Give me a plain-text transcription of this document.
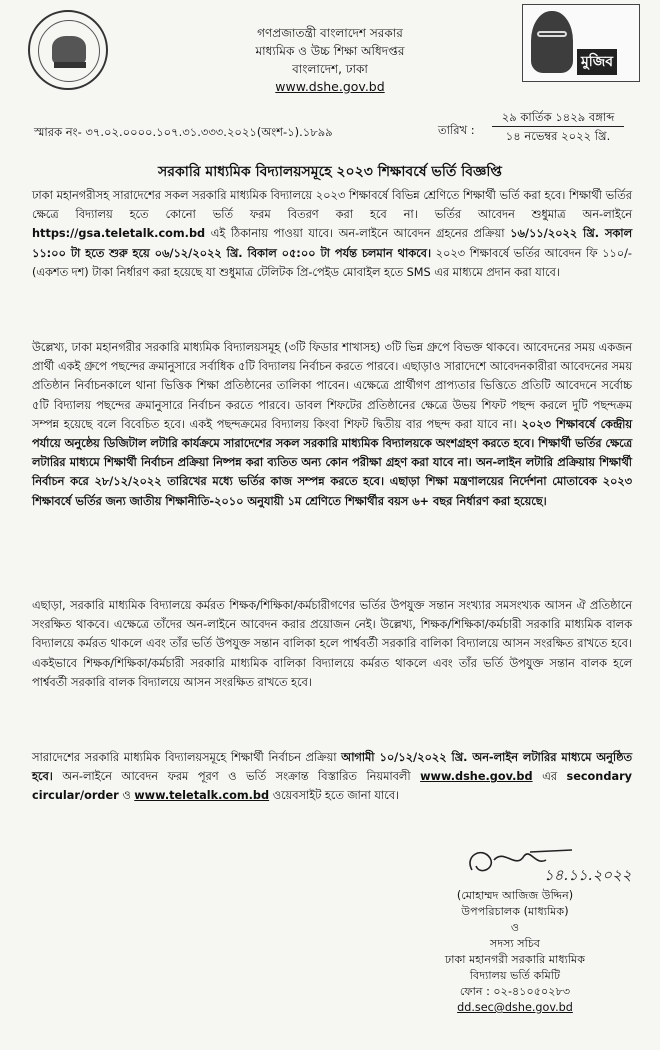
গণপ্রজাতন্ত্রী বাংলাদেশ সরকার
মাধ্যমিক ও উচ্চ শিক্ষা অধিদপ্তর
বাংলাদেশ, ঢাকা
www.dshe.gov.bd
মুজিব
স্মারক নং- ৩৭.০২.০০০০.১০৭.৩১.৩৩৩.২০২১(অংশ-১).১৮৯৯	তারিখ :
২৯ কার্তিক ১৪২৯ বঙ্গাব্দ
১৪ নভেম্বর ২০২২ খ্রি.
সরকারি মাধ্যমিক বিদ্যালয়সমূহে ২০২৩ শিক্ষাবর্ষে ভর্তি বিজ্ঞপ্তি
ঢাকা মহানগরীসহ সারাদেশের সকল সরকারি মাধ্যমিক বিদ্যালয়ে ২০২৩ শিক্ষাবর্ষে বিভিন্ন শ্রেণিতে শিক্ষার্থী ভর্তি করা হবে। শিক্ষার্থী ভর্তির ক্ষেত্রে বিদ্যালয় হতে কোনো ভর্তি ফরম বিতরণ করা হবে না। ভর্তির আবেদন শুধুমাত্র অন-লাইনে https://gsa.teletalk.com.bd এই ঠিকানায় পাওয়া যাবে। অন-লাইনে আবেদন গ্রহনের প্রক্রিয়া ১৬/১১/২০২২ খ্রি. সকাল ১১:০০ টা হতে শুরু হয়ে ০৬/১২/২০২২ খ্রি. বিকাল ০৫:০০ টা পর্যন্ত চলমান থাকবে। ২০২৩ শিক্ষাবর্ষে ভর্তির আবেদন ফি ১১০/- (একশত দশ) টাকা নির্ধারণ করা হয়েছে যা শুধুমাত্র টেলিটক প্রি-পেইড মোবাইল হতে SMS এর মাধ্যমে প্রদান করা যাবে।
উল্লেখ্য, ঢাকা মহানগরীর সরকারি মাধ্যমিক বিদ্যালয়সমূহ (৩টি ফিডার শাখাসহ) ৩টি ভিন্ন গ্রুপে বিভক্ত থাকবে। আবেদনের সময় একজন প্রার্থী একই গ্রুপে পছন্দের ক্রমানুসারে সর্বাধিক ৫টি বিদ্যালয় নির্বাচন করতে পারবে। এছাড়াও সারাদেশে আবেদনকারীরা আবেদনের সময় প্রতিষ্ঠান নির্বাচনকালে থানা ভিত্তিক শিক্ষা প্রতিষ্ঠানের তালিকা পাবেন। এক্ষেত্রে প্রার্থীগণ প্রাপ্যতার ভিত্তিতে প্রতিটি আবেদনে সর্বোচ্চ ৫টি বিদ্যালয় পছন্দের ক্রমানুসারে নির্বাচন করতে পারবে। ডাবল শিফটের প্রতিষ্ঠানের ক্ষেত্রে উভয় শিফট পছন্দ করলে দুটি পছন্দক্রম সম্পন্ন হয়েছে বলে বিবেচিত হবে। একই পছন্দক্রমের বিদ্যালয় কিংবা শিফট দ্বিতীয় বার পছন্দ করা যাবে না। ২০২৩ শিক্ষাবর্ষে কেন্দ্রীয় পর্যায়ে অনুষ্ঠেয় ডিজিটাল লটারি কার্যক্রমে সারাদেশের সকল সরকারি মাধ্যমিক বিদ্যালয়কে অংশগ্রহণ করতে হবে। শিক্ষার্থী ভর্তির ক্ষেত্রে লটারির মাধ্যমে শিক্ষার্থী নির্বাচন প্রক্রিয়া নিষ্পন্ন করা ব্যতিত অন্য কোন পরীক্ষা গ্রহণ করা যাবে না। অন-লাইন লটারি প্রক্রিয়ায় শিক্ষার্থী নির্বাচন করে ২৮/১২/২০২২ তারিখের মধ্যে ভর্তির কাজ সম্পন্ন করতে হবে। এছাড়া শিক্ষা মন্ত্রণালয়ের নির্দেশনা মোতাবেক ২০২৩ শিক্ষাবর্ষে ভর্তির জন্য জাতীয় শিক্ষানীতি-২০১০ অনুযায়ী ১ম শ্রেণিতে শিক্ষার্থীর বয়স ৬+ বছর নির্ধারণ করা হয়েছে।
এছাড়া, সরকারি মাধ্যমিক বিদ্যালয়ে কর্মরত শিক্ষক/শিক্ষিকা/কর্মচারীগণের ভর্তির উপযুক্ত সন্তান সংখ্যার সমসংখ্যক আসন ঐ প্রতিষ্ঠানে সংরক্ষিত থাকবে। এক্ষেত্রে তাঁদের অন-লাইনে আবেদন করার প্রয়োজন নেই। উল্লেখ্য, শিক্ষক/শিক্ষিকা/কর্মচারী সরকারি মাধ্যমিক বালক বিদ্যালয়ে কর্মরত থাকলে এবং তাঁর ভর্তি উপযুক্ত সন্তান বালিকা হলে পার্শ্ববর্তী সরকারি বালিকা বিদ্যালয়ে আসন সংরক্ষিত রাখতে হবে। একইভাবে শিক্ষক/শিক্ষিকা/কর্মচারী সরকারি মাধ্যমিক বালিকা বিদ্যালয়ে কর্মরত থাকলে এবং তাঁর ভর্তি উপযুক্ত সন্তান বালক হলে পার্শ্ববর্তী সরকারি বালক বিদ্যালয়ে আসন সংরক্ষিত রাখতে হবে।
সারাদেশের সরকারি মাধ্যমিক বিদ্যালয়সমূহে শিক্ষার্থী নির্বাচন প্রক্রিয়া আগামী ১০/১২/২০২২ খ্রি. অন-লাইন লটারির মাধ্যমে অনুষ্ঠিত হবে। অন-লাইনে আবেদন ফরম পূরণ ও ভর্তি সংক্রান্ত বিস্তারিত নিয়মাবলী www.dshe.gov.bd এর secondary circular/order ও www.teletalk.com.bd ওয়েবসাইট হতে জানা যাবে।
১৪.১১.২০২২
(মোহাম্মদ আজিজ উদ্দিন)
উপপরিচালক (মাধ্যমিক)
ও
সদস্য সচিব
ঢাকা মহানগরী সরকারি মাধ্যমিক
বিদ্যালয় ভর্তি কমিটি
ফোন : ০২-৪১০৫০২৮৩
dd.sec@dshe.gov.bd
